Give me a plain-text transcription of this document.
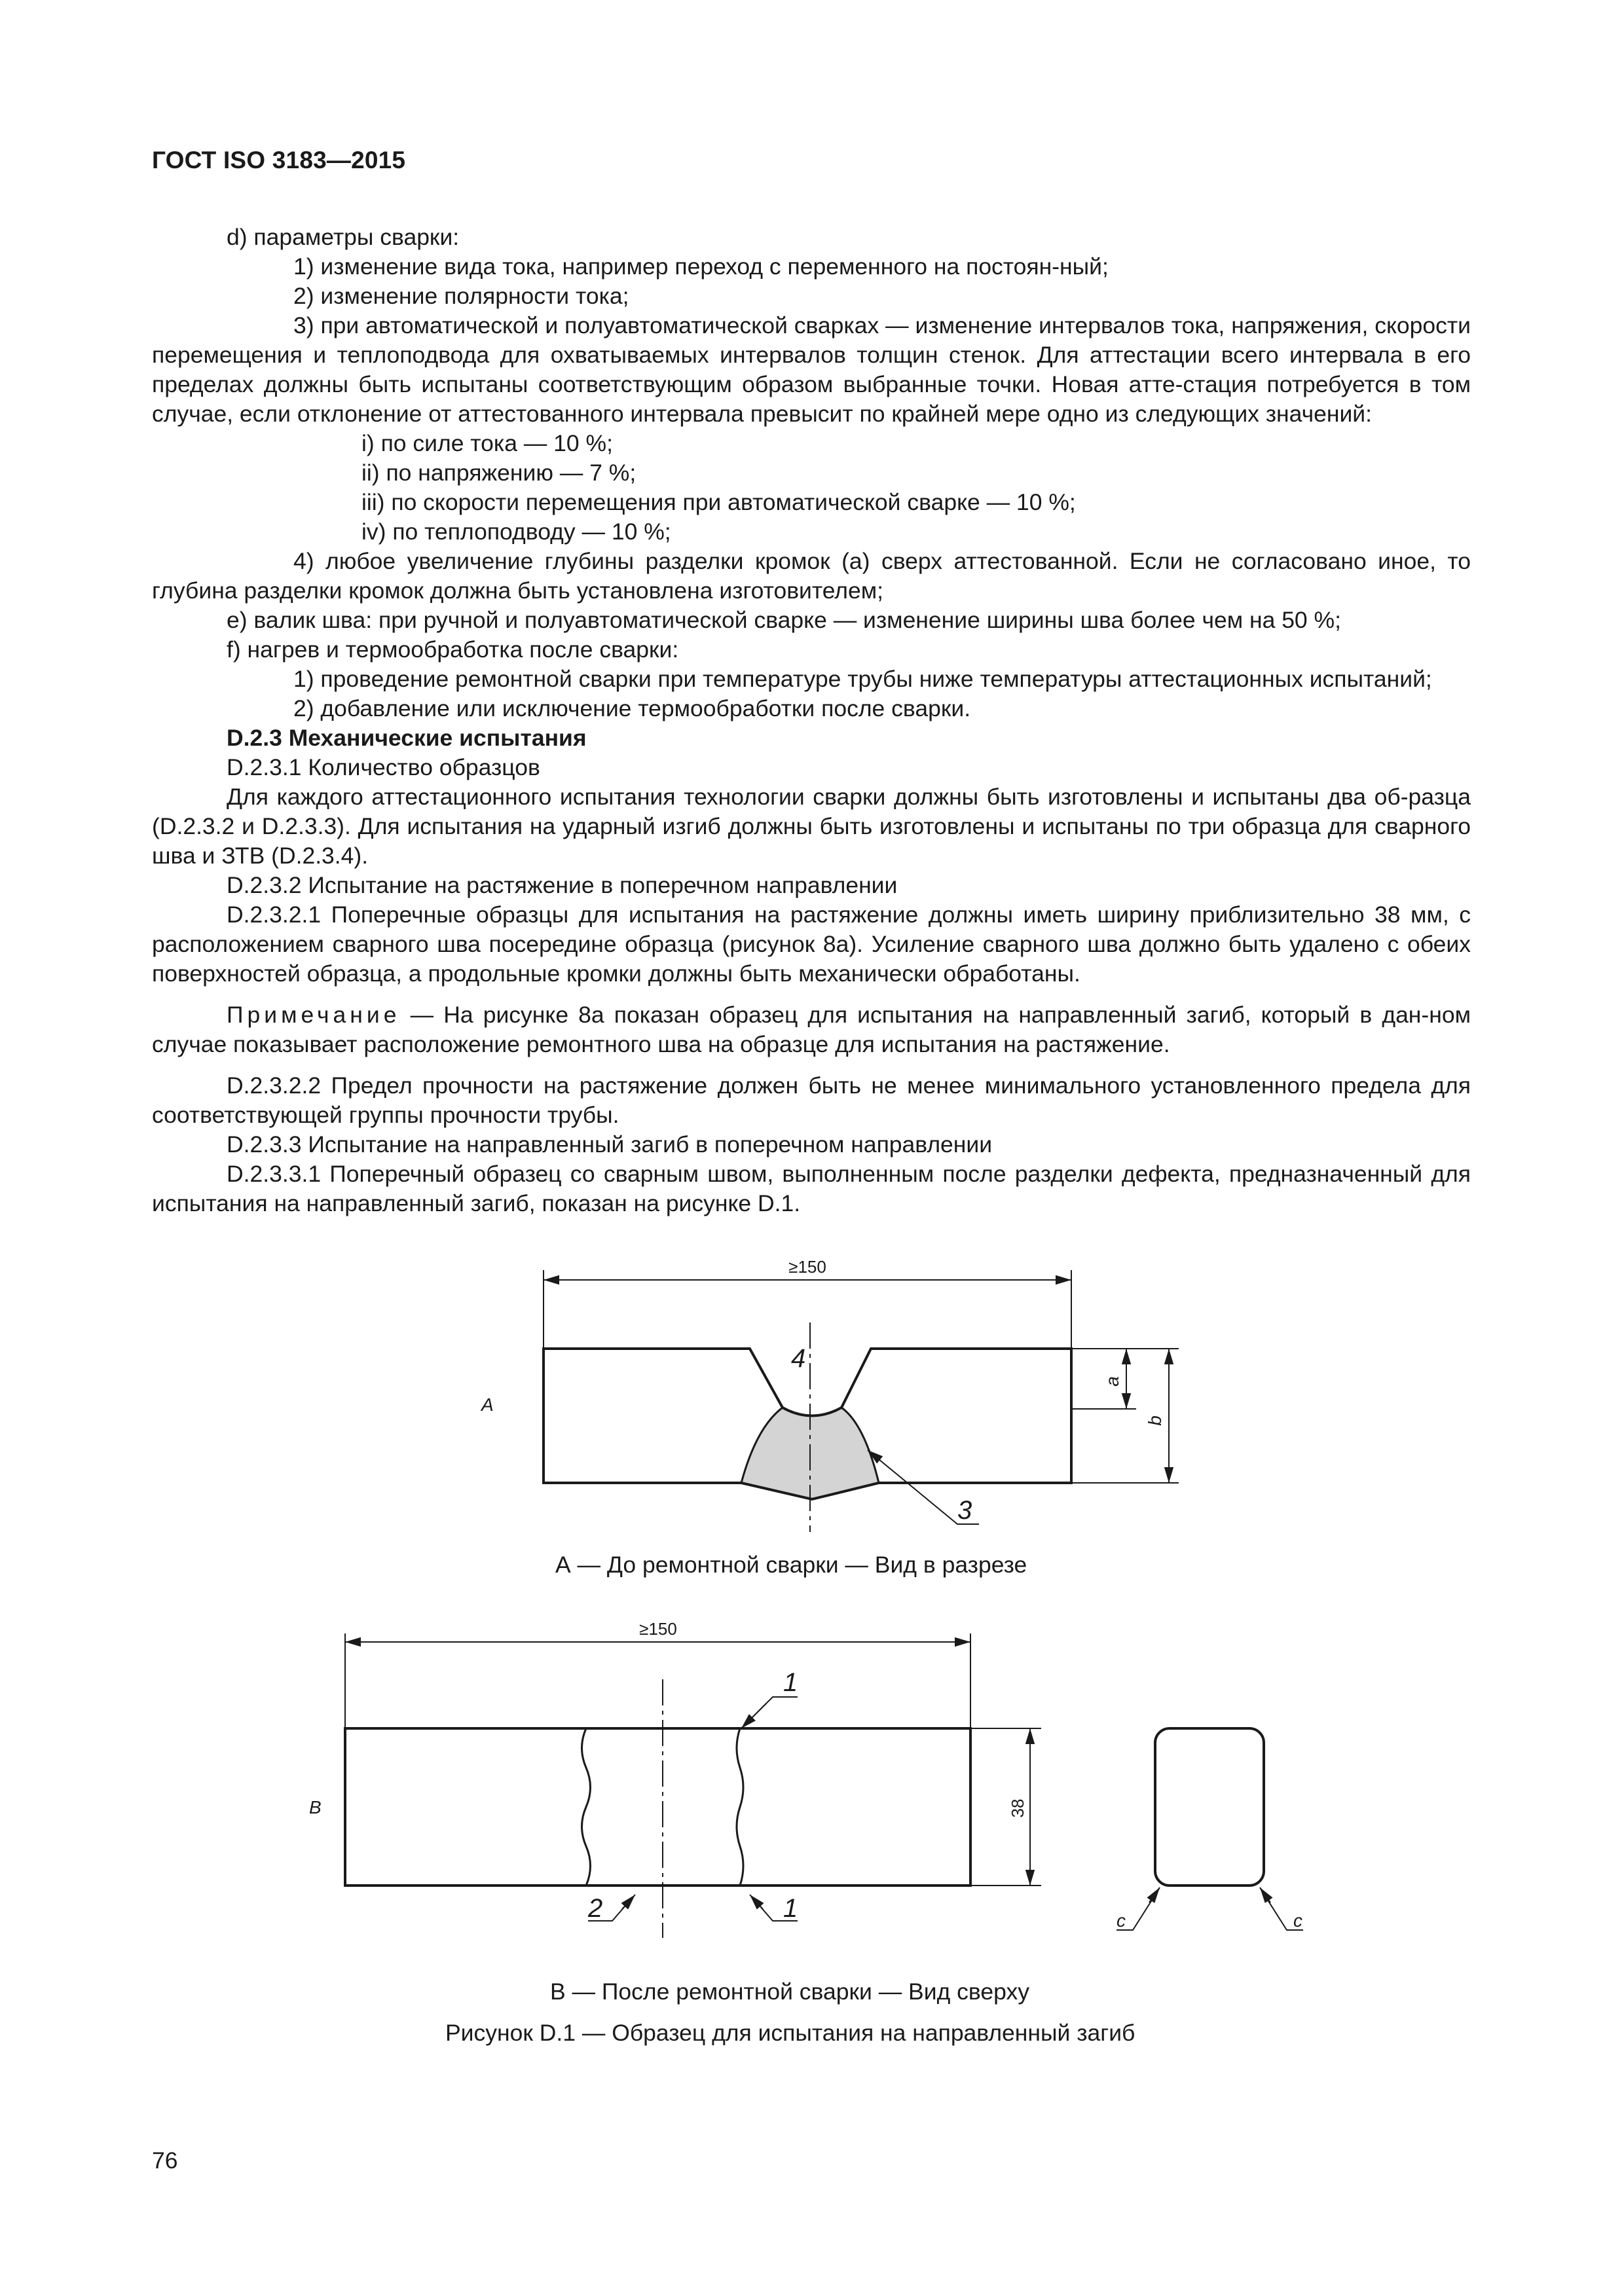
ГОСТ ISO 3183—2015

d) параметры сварки:

1) изменение вида тока, например переход с переменного на постоян-ный;

2) изменение полярности тока;

3) при автоматической и полуавтоматической сварках — изменение интервалов тока, напряжения, скорости перемещения и теплоподвода для охватываемых интервалов толщин стенок. Для аттестации всего интервала в его пределах должны быть испытаны соответствующим образом выбранные точки. Новая атте-стация потребуется в том случае, если отклонение от аттестованного интервала превысит по крайней мере одно из следующих значений:

i) по силе тока — 10 %;

ii) по напряжению — 7 %;

iii) по скорости перемещения при автоматической сварке — 10 %;

iv) по теплоподводу — 10 %;

4) любое увеличение глубины разделки кромок (а) сверх аттестованной. Если не согласовано иное, то глубина разделки кромок должна быть установлена изготовителем;

е) валик шва: при ручной и полуавтоматической сварке — изменение ширины шва более чем на 50 %;

f) нагрев и термообработка после сварки:

1) проведение ремонтной сварки при температуре трубы ниже температуры аттестационных испытаний;

2) добавление или исключение термообработки после сварки.

D.2.3 Механические испытания

D.2.3.1 Количество образцов

Для каждого аттестационного испытания технологии сварки должны быть изготовлены и испытаны два об-разца (D.2.3.2 и D.2.3.3). Для испытания на ударный изгиб должны быть изготовлены и испытаны по три образца для сварного шва и ЗТВ (D.2.3.4).

D.2.3.2 Испытание на растяжение в поперечном направлении

D.2.3.2.1 Поперечные образцы для испытания на растяжение должны иметь ширину приблизительно 38 мм, с расположением сварного шва посередине образца (рисунок 8а). Усиление сварного шва должно быть удалено с обеих поверхностей образца, а продольные кромки должны быть механически обработаны.

Примечание — На рисунке 8а показан образец для испытания на направленный загиб, который в дан-ном случае показывает расположение ремонтного шва на образце для испытания на растяжение.

D.2.3.2.2 Предел прочности на растяжение должен быть не менее минимального установленного предела для соответствующей группы прочности трубы.

D.2.3.3 Испытание на направленный загиб в поперечном направлении

D.2.3.3.1 Поперечный образец со сварным швом, выполненным после разделки дефекта, предназначенный для испытания на направленный загиб, показан на рисунке D.1.

4
3
≥150
a
b
A
≥150
38
1
2	1	c	c
B
А — До ремонтной сварки — Вид в разрезе
В — После ремонтной сварки — Вид сверху
Рисунок D.1 — Образец для испытания на направленный загиб
76
